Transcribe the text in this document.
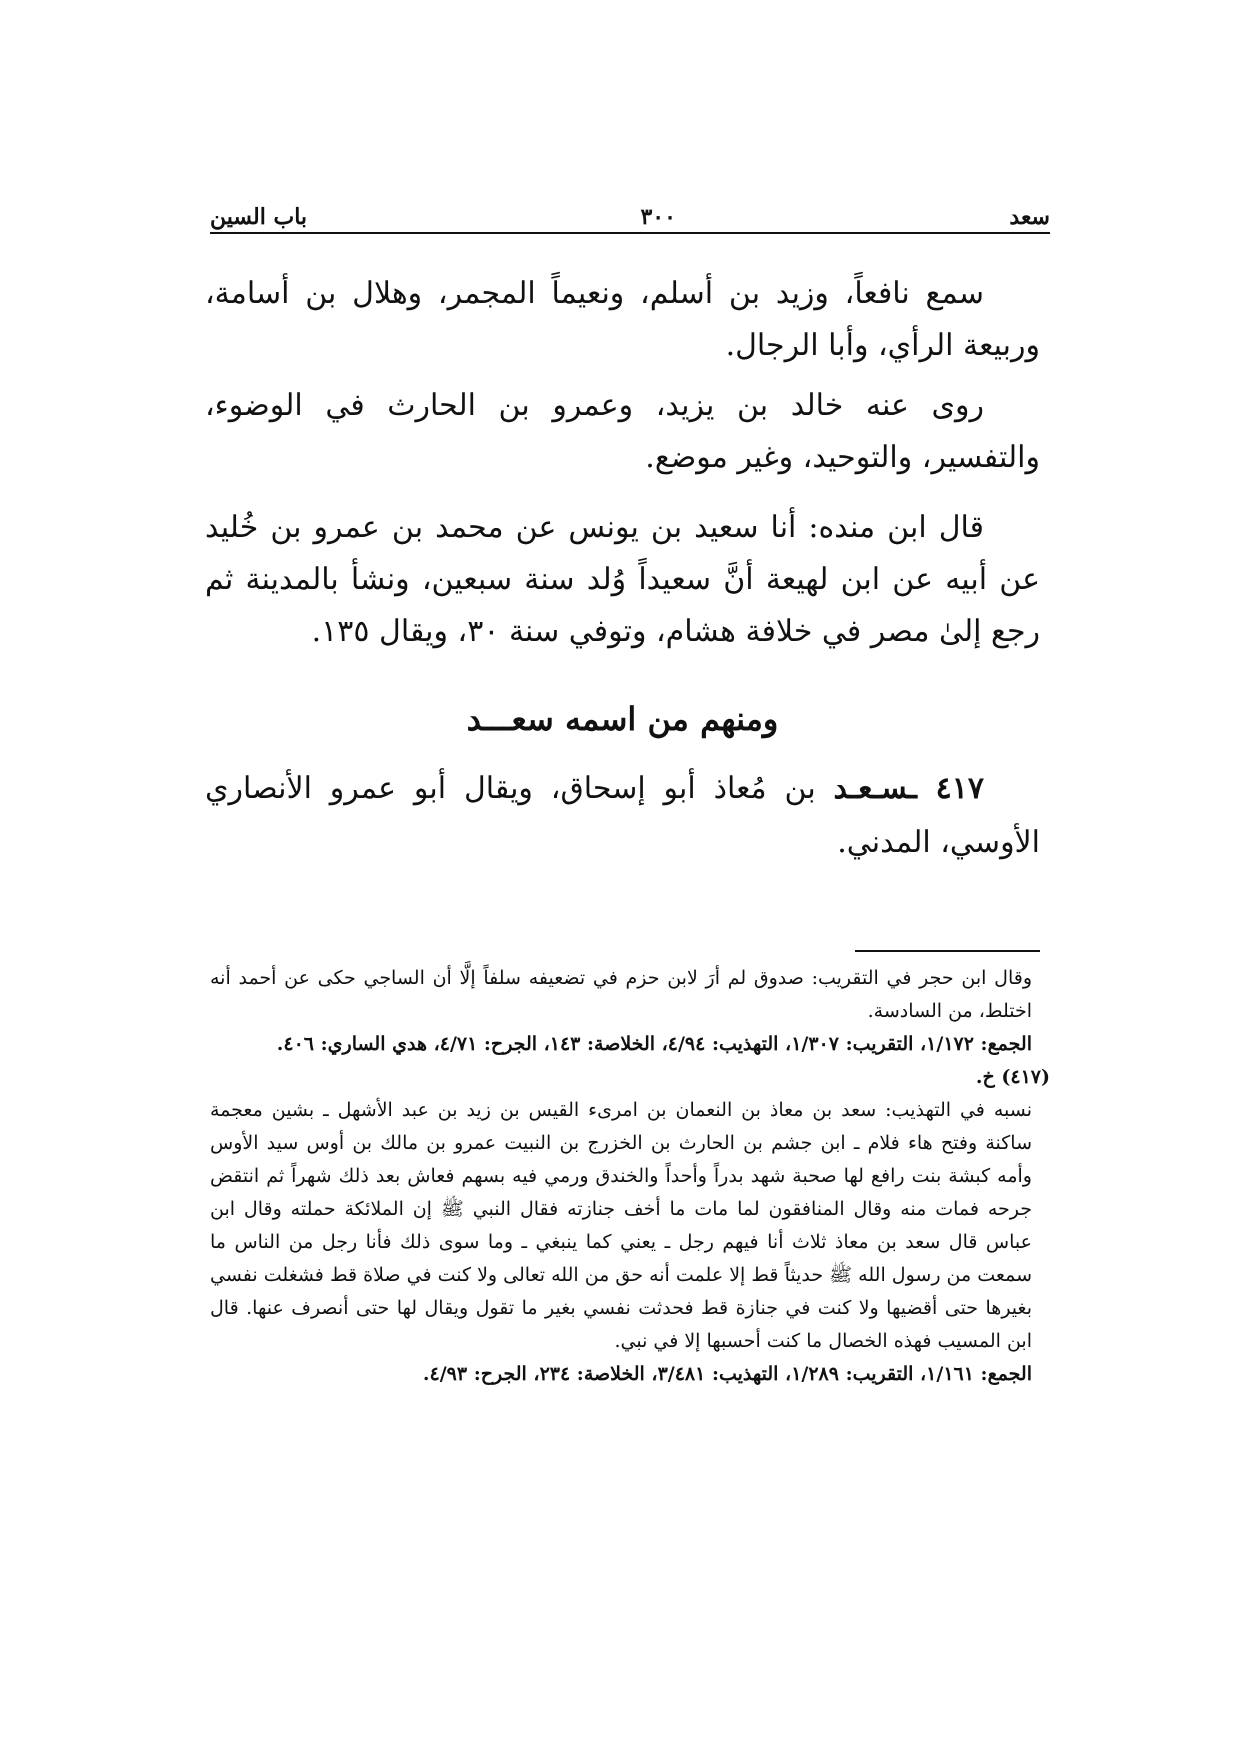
سعد
٣٠٠
باب السين

سمع نافعاً، وزيد بن أسلم، ونعيماً المجمر، وهلال بن أسامة، وربيعة الرأي، وأبا الرجال.

روى عنه خالد بن يزيد، وعمرو بن الحارث في الوضوء، والتفسير، والتوحيد، وغير موضع.

قال ابن منده: أنا سعيد بن يونس عن محمد بن عمرو بن خُليد عن أبيه عن ابن لهيعة أنَّ سعيداً وُلد سنة سبعين، ونشأ بالمدينة ثم رجع إلىٰ مصر في خلافة هشام، وتوفي سنة ٣٠، ويقال ١٣٥.

ومنهم من اسمه سعـــد

٤١٧ ـسـعـد بن مُعاذ أبو إسحاق، ويقال أبو عمرو الأنصاري الأوسي، المدني.

وقال ابن حجر في التقريب: صدوق لم أرَ لابن حزم في تضعيفه سلفاً إلَّا أن الساجي حكى عن أحمد أنه اختلط، من السادسة.

الجمع: ١/١٧٢، التقريب: ١/٣٠٧، التهذيب: ٤/٩٤، الخلاصة: ١٤٣، الجرح: ٤/٧١، هدي الساري: ٤٠٦.

(٤١٧) خ.

نسبه في التهذيب: سعد بن معاذ بن النعمان بن امرىء القيس بن زيد بن عبد الأشهل ـ بشين معجمة ساكنة وفتح هاء فلام ـ ابن جشم بن الحارث بن الخزرج بن النبيت عمرو بن مالك بن أوس سيد الأوس وأمه كبشة بنت رافع لها صحبة شهد بدراً وأحداً والخندق ورمي فيه بسهم فعاش بعد ذلك شهراً ثم انتقض جرحه فمات منه وقال المنافقون لما مات ما أخف جنازته فقال النبي ﷺ إن الملائكة حملته وقال ابن عباس قال سعد بن معاذ ثلاث أنا فيهم رجل ـ يعني كما ينبغي ـ وما سوى ذلك فأنا رجل من الناس ما سمعت من رسول الله ﷺ حديثاً قط إلا علمت أنه حق من الله تعالى ولا كنت في صلاة قط فشغلت نفسي بغيرها حتى أقضيها ولا كنت في جنازة قط فحدثت نفسي بغير ما تقول ويقال لها حتى أنصرف عنها. قال ابن المسيب فهذه الخصال ما كنت أحسبها إلا في نبي.

الجمع: ١/١٦١، التقريب: ١/٢٨٩، التهذيب: ٣/٤٨١، الخلاصة: ٢٣٤، الجرح: ٤/٩٣.
